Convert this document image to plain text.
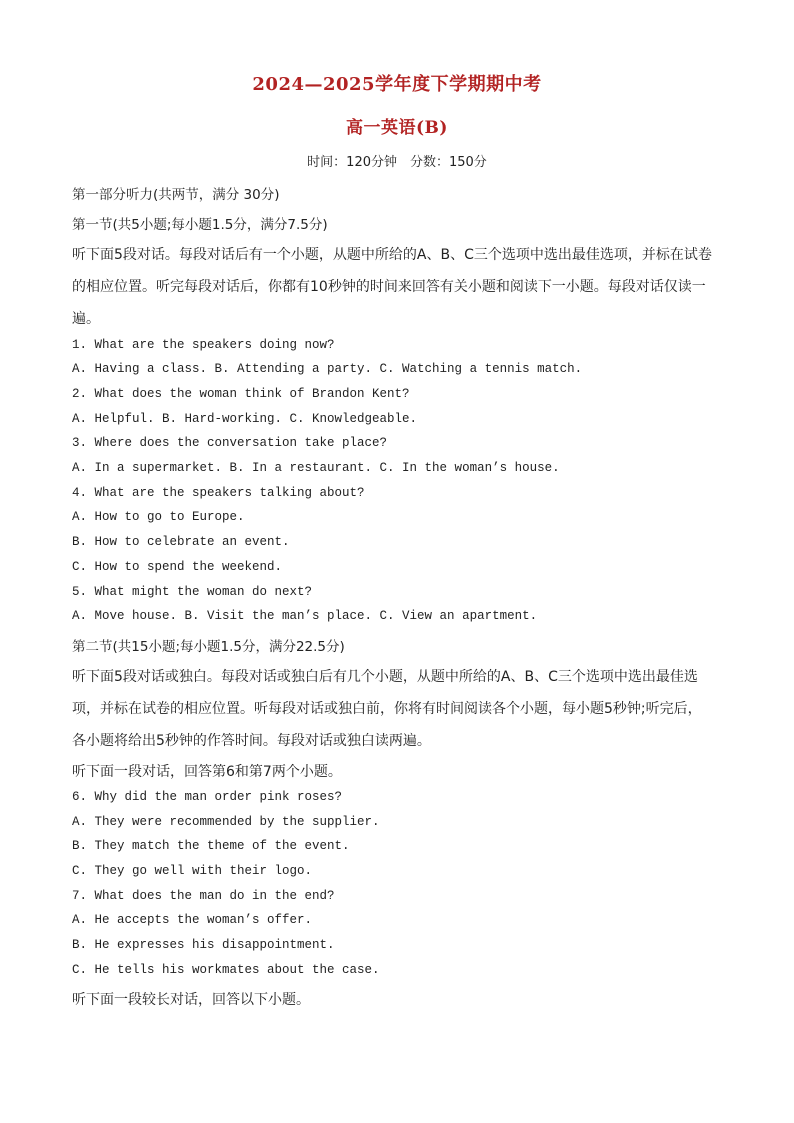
2024—2025学年度下学期期中考
高一英语(B)
时间：120分钟　分数：150分
第一部分听力(共两节，满分 30分)
第一节(共5小题;每小题1.5分，满分7.5分)
听下面5段对话。每段对话后有一个小题，从题中所给的A、B、C三个选项中选出最佳选项，并标在试卷
的相应位置。听完每段对话后，你都有10秒钟的时间来回答有关小题和阅读下一小题。每段对话仅读一
遍。
1. What are the speakers doing now?
A. Having a class. B. Attending a party. C. Watching a tennis match.
2. What does the woman think of Brandon Kent?
A. Helpful. B. Hard-working. C. Knowledgeable.
3. Where does the conversation take place?
A. In a supermarket. B. In a restaurant. C. In the woman’s house.
4. What are the speakers talking about?
A. How to go to Europe.
B. How to celebrate an event.
C. How to spend the weekend.
5. What might the woman do next?
A. Move house. B. Visit the man’s place. C. View an apartment.
第二节(共15小题;每小题1.5分，满分22.5分)
听下面5段对话或独白。每段对话或独白后有几个小题，从题中所给的A、B、C三个选项中选出最佳选
项，并标在试卷的相应位置。听每段对话或独白前，你将有时间阅读各个小题，每小题5秒钟;听完后，
各小题将给出5秒钟的作答时间。每段对话或独白读两遍。
听下面一段对话，回答第6和第7两个小题。
6. Why did the man order pink roses?
A. They were recommended by the supplier.
B. They match the theme of the event.
C. They go well with their logo.
7. What does the man do in the end?
A. He accepts the woman’s offer.
B. He expresses his disappointment.
C. He tells his workmates about the case.
听下面一段较长对话，回答以下小题。
